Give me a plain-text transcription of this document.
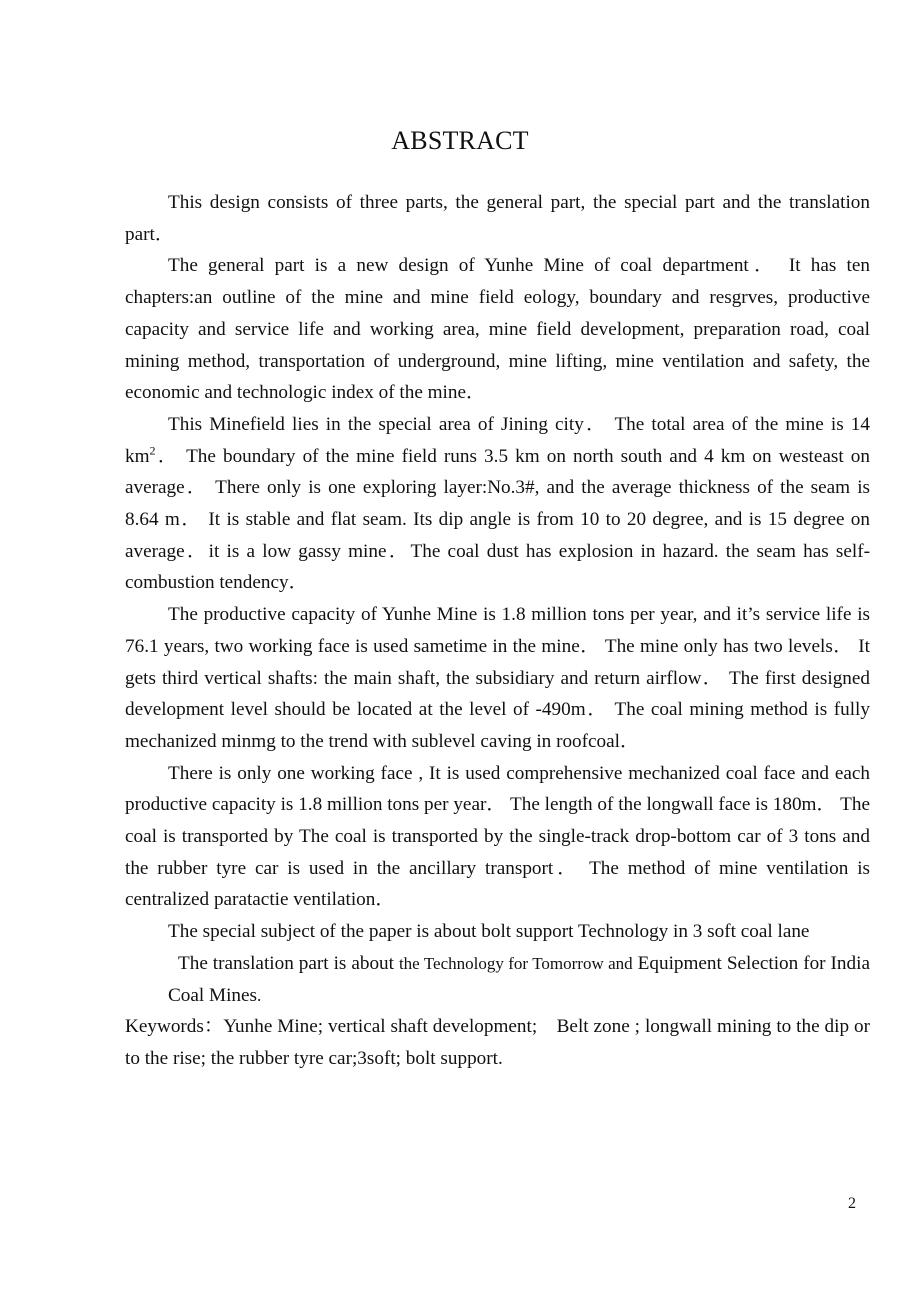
ABSTRACT

This design consists of three parts, the general part, the special part and the translation part．

The general part is a new design of Yunhe Mine of coal department． It has ten chapters:an outline of the mine and mine field eology, boundary and resgrves, productive capacity and service life and working area, mine field development, preparation road, coal mining method, transportation of underground, mine lifting, mine ventilation and safety, the economic and technologic index of the mine．

This Minefield lies in the special area of Jining city． The total area of the mine is 14 $km^2$． The boundary of the mine field runs 3.5 km on north south and 4 km on westeast on average． There only is one exploring layer:No.3#, and the average thickness of the seam is 8.64 m． It is stable and flat seam. Its dip angle is from 10 to 20 degree, and is 15 degree on average．it is a low gassy mine．The coal dust has explosion in hazard. the seam has self-combustion tendency．

The productive capacity of Yunhe Mine is 1.8 million tons per year, and it’s service life is 76.1 years, two working face is used sametime in the mine． The mine only has two levels． It gets third vertical shafts: the main shaft, the subsidiary and return airflow． The first designed development level should be located at the level of -490m． The coal mining method is fully mechanized minmg to the trend with sublevel caving in roofcoal．

There is only one working face , It is used comprehensive mechanized coal face and each productive capacity is 1.8 million tons per year． The length of the longwall face is 180m． The coal is transported by The coal is transported by the single-track drop-bottom car of 3 tons and the rubber tyre car is used in the ancillary transport． The method of mine ventilation is centralized paratactie ventilation．

The special subject of the paper is about bolt support Technology in 3 soft coal lane

The translation part is about the Technology for Tomorrow and Equipment Selection for India Coal Mines.

Keywords：Yunhe Mine; vertical shaft development;　Belt zone ; longwall mining to the dip or to the rise; the rubber tyre car;3soft; bolt support.

2
